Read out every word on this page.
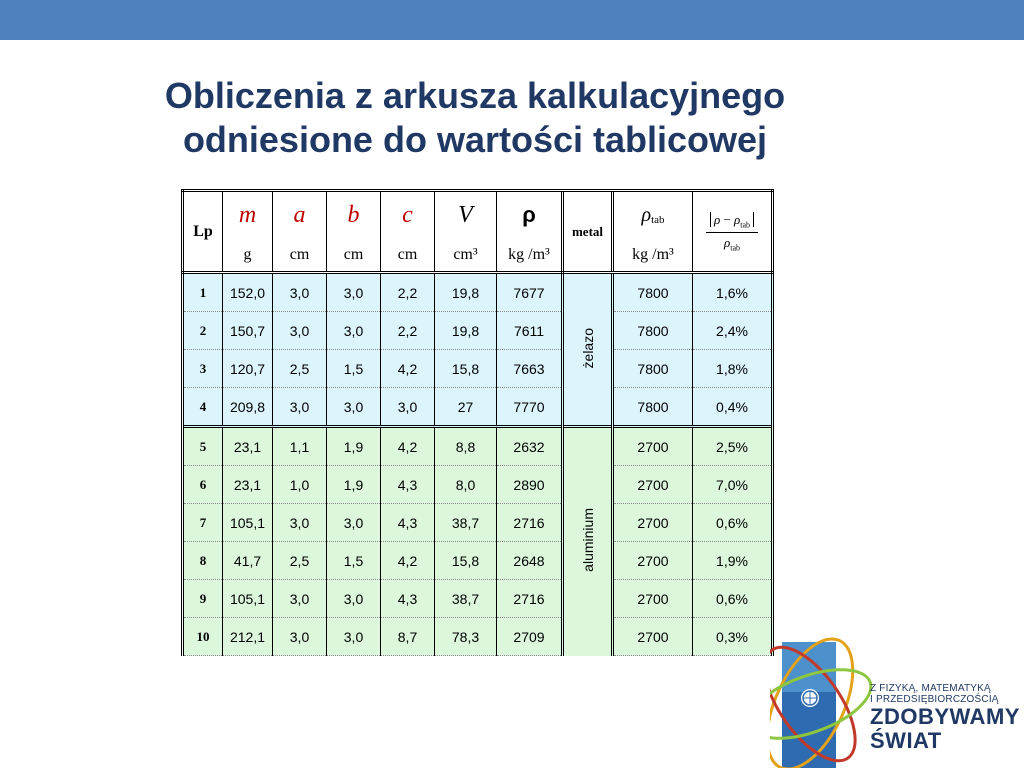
Obliczenia z arkusza kalkulacyjnego
odniesione do wartości tablicowej
Lp	m	a	b	c	V	ρ	metal	$\rho_{tab}$	$\frac{\rho - \rho_{tab}}{\rho_{tab}}$

	g	cm	cm	cm	cm³	kg /m³		kg /m³	
1	152,0	3,0	3,0	2,2	19,8	7677	żelazo	7800	1,6%
2	150,7	3,0	3,0	2,2	19,8	7611		7800	2,4%
3	120,7	2,5	1,5	4,2	15,8	7663		7800	1,8%
4	209,8	3,0	3,0	3,0	27	7770		7800	0,4%
5	23,1	1,1	1,9	4,2	8,8	2632	aluminium	2700	2,5%
6	23,1	1,0	1,9	4,3	8,0	2890		2700	7,0%
7	105,1	3,0	3,0	4,3	38,7	2716		2700	0,6%
8	41,7	2,5	1,5	4,2	15,8	2648		2700	1,9%
9	105,1	3,0	3,0	4,3	38,7	2716		2700	0,6%
10	212,1	3,0	3,0	8,7	78,3	2709		2700	0,3%
Z FIZYKĄ, MATEMATYKĄ
I PRZEDSIĘBIORCZOŚCIĄ
ZDOBYWAMY
ŚWIAT
